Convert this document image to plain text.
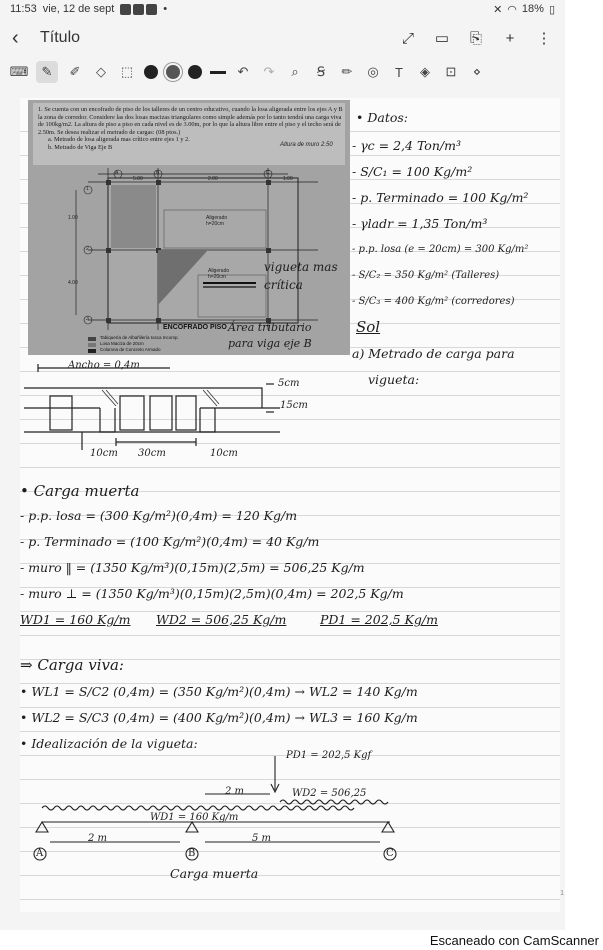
11:53 vie, 12 de sept	•	✕ ◠ 18% ▯
‹	Título	⤢ ▭ ⎘	+	⋮
⌨	✎	✐	◇	⬚	↶ ↷	⌕	Ꞩ	✏ ◎	T	◈	⊡	⋄
1. Se cuenta con un encofrado de piso de los talleres de un centro educativo, cuando la losa aligerada entre los ejes A y B la zona de corredor. Considere las dos losas macizas triangulares como simple además por lo tanto tendrá una carga viva de 100kg/m2. La altura de piso a piso en cada nivel es de 3.00m, por lo que la altura libre entre el piso y el techo será de 2.50m. Se desea realizar el metrado de cargas: (08 ptos.)
a. Metrado de losa aligerada mas crítico entre ejes 1 y 2.
b. Metrado de Viga Eje B	Altura de muro 2.50
A	B	C
1
2
3
5.00	2.00	1.00
1.00
4.00
Aligerado
h=20cm
Aligerado
h=20cm
ENCOFRADO PISO
Tabiquería de Albañilería tosca Incomp.
Losa Maciza de 20cm
Columna de Concreto Armado
vigueta mas
crítica
Área tributario
para viga eje B
• Datos:
- γc = 2,4 Ton/m³
- S/C₁ = 100 Kg/m²
- p. Terminado = 100 Kg/m²
- γladr = 1,35 Ton/m³
- p.p. losa (e = 20cm) = 300 Kg/m²
- S/C₂ = 350 Kg/m² (Talleres)
- S/C₃ = 400 Kg/m² (corredores)
Sol
a) Metrado de carga para
vigueta:
Ancho = 0,4m
5cm
15cm
10cm 30cm	10cm
• Carga muerta
- p.p. losa = (300 Kg/m²)(0,4m) = 120 Kg/m
- p. Terminado = (100 Kg/m²)(0,4m) = 40 Kg/m
- muro ‖ = (1350 Kg/m³)(0,15m)(2,5m) = 506,25 Kg/m
- muro ⊥ = (1350 Kg/m³)(0,15m)(2,5m)(0,4m) = 202,5 Kg/m
WD1 = 160 Kg/m WD2 = 506,25 Kg/m	PD1 = 202,5 Kg/m
⇒ Carga viva:
• WL1 = S/C2 (0,4m) = (350 Kg/m²)(0,4m) → WL2 = 140 Kg/m
• WL2 = S/C3 (0,4m) = (400 Kg/m²)(0,4m) → WL3 = 160 Kg/m
• Idealización de la vigueta:
PD1 = 202,5 Kgf
2 m	WD2 = 506,25
WD1 = 160 Kg/m
2 m	5 m
A	B	C
Carga muerta
1
Escaneado con CamScanner
